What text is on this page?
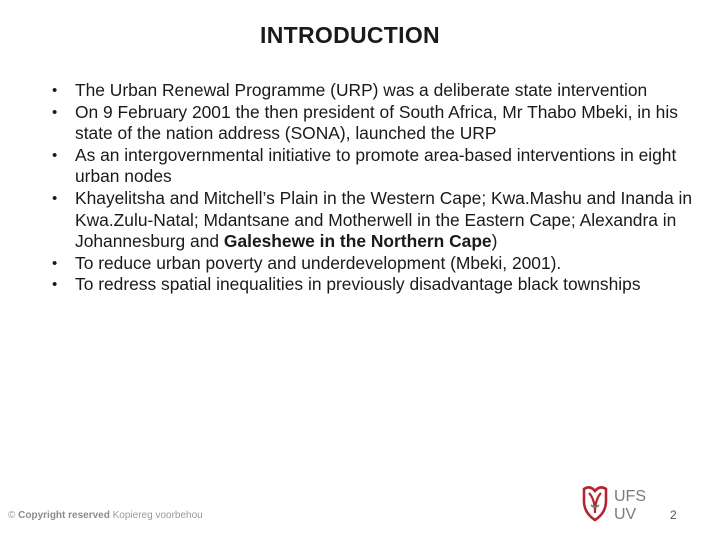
INTRODUCTION
• The Urban Renewal Programme (URP) was a deliberate state intervention
• On 9 February 2001 the then president of South Africa, Mr Thabo Mbeki, in his state of the nation address (SONA), launched the URP
• As an intergovernmental initiative to promote area-based interventions in eight urban nodes
• Khayelitsha and Mitchell’s Plain in the Western Cape; Kwa.Mashu and Inanda in Kwa.Zulu-Natal; Mdantsane and Motherwell in the Eastern Cape; Alexandra in Johannesburg and Galeshewe in the Northern Cape)
• To reduce urban poverty and underdevelopment (Mbeki, 2001).
• To redress spatial inequalities in previously disadvantage black townships
© Copyright reserved Kopiereg voorbehou
UFS
UV	2
